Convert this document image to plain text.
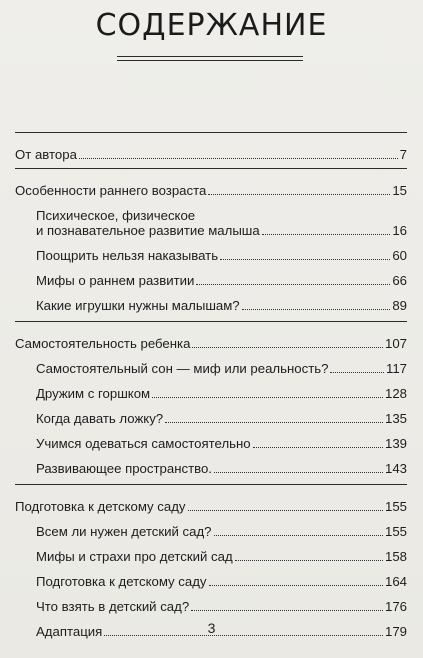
СОДЕРЖАНИЕ
От автора	7
Особенности раннего возраста	15
Психическое, физическое
и познавательное развитие малыша	16
Поощрить нельзя наказывать	60
Мифы о раннем развитии	66
Какие игрушки нужны малышам?	89
Самостоятельность ребенка	107
Самостоятельный сон — миф или реальность?	117
Дружим с горшком	128
Когда давать ложку?	135
Учимся одеваться самостоятельно	139
Развивающее пространство.	143
Подготовка к детскому саду	155
Всем ли нужен детский сад?	155
Мифы и страхи про детский сад	158
Подготовка к детскому саду	164
Что взять в детский сад?	176
Адаптация	179
3
